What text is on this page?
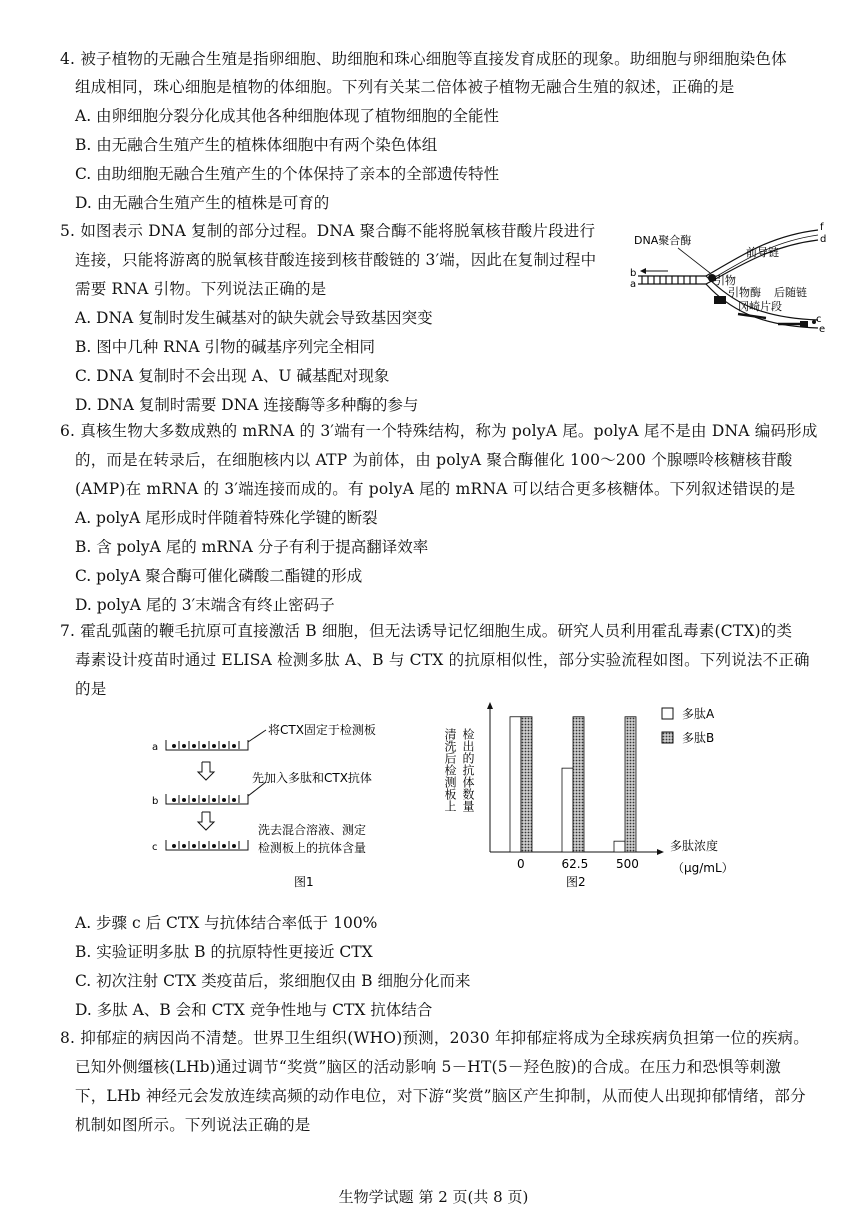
4. 被子植物的无融合生殖是指卵细胞、助细胞和珠心细胞等直接发育成胚的现象。助细胞与卵细胞染色体
组成相同，珠心细胞是植物的体细胞。下列有关某二倍体被子植物无融合生殖的叙述，正确的是
A. 由卵细胞分裂分化成其他各种细胞体现了植物细胞的全能性
B. 由无融合生殖产生的植株体细胞中有两个染色体组
C. 由助细胞无融合生殖产生的个体保持了亲本的全部遗传特性
D. 由无融合生殖产生的植株是可育的
5. 如图表示 DNA 复制的部分过程。DNA 聚合酶不能将脱氧核苷酸片段进行
连接，只能将游离的脱氧核苷酸连接到核苷酸链的 3′端，因此在复制过程中
需要 RNA 引物。下列说法正确的是
A. DNA 复制时发生碱基对的缺失就会导致基因突变
B. 图中几种 RNA 引物的碱基序列完全相同
C. DNA 复制时不会出现 A、U 碱基配对现象
D. DNA 复制时需要 DNA 连接酶等多种酶的参与
DNA聚合酶
前导链
引物
引物酶 后随链
冈崎片段
b
a
f
d
c
e
6. 真核生物大多数成熟的 mRNA 的 3′端有一个特殊结构，称为 polyA 尾。polyA 尾不是由 DNA 编码形成
的，而是在转录后，在细胞核内以 ATP 为前体，由 polyA 聚合酶催化 100～200 个腺嘌呤核糖核苷酸
(AMP)在 mRNA 的 3′端连接而成的。有 polyA 尾的 mRNA 可以结合更多核糖体。下列叙述错误的是
A. polyA 尾形成时伴随着特殊化学键的断裂
B. 含 polyA 尾的 mRNA 分子有利于提高翻译效率
C. polyA 聚合酶可催化磷酸二酯键的形成
D. polyA 尾的 3′末端含有终止密码子
7. 霍乱弧菌的鞭毛抗原可直接激活 B 细胞，但无法诱导记忆细胞生成。研究人员利用霍乱毒素(CTX)的类
毒素设计疫苗时通过 ELISA 检测多肽 A、B 与 CTX 的抗原相似性，部分实验流程如图。下列说法不正确
的是
a
b
c
将CTX固定于检测板
先加入多肽和CTX抗体
洗去混合溶液、测定
检测板上的抗体含量
图1
清洗后检测板上 检出的抗体数量
0	62.5 500
多肽浓度
（μg/mL）
图2
多肽A
多肽B
A. 步骤 c 后 CTX 与抗体结合率低于 100%
B. 实验证明多肽 B 的抗原特性更接近 CTX
C. 初次注射 CTX 类疫苗后，浆细胞仅由 B 细胞分化而来
D. 多肽 A、B 会和 CTX 竞争性地与 CTX 抗体结合
8. 抑郁症的病因尚不清楚。世界卫生组织(WHO)预测，2030 年抑郁症将成为全球疾病负担第一位的疾病。
已知外侧缰核(LHb)通过调节“奖赏”脑区的活动影响 5－HT(5－羟色胺)的合成。在压力和恐惧等刺激
下，LHb 神经元会发放连续高频的动作电位，对下游“奖赏”脑区产生抑制，从而使人出现抑郁情绪，部分
机制如图所示。下列说法正确的是
生物学试题 第 2 页(共 8 页)
